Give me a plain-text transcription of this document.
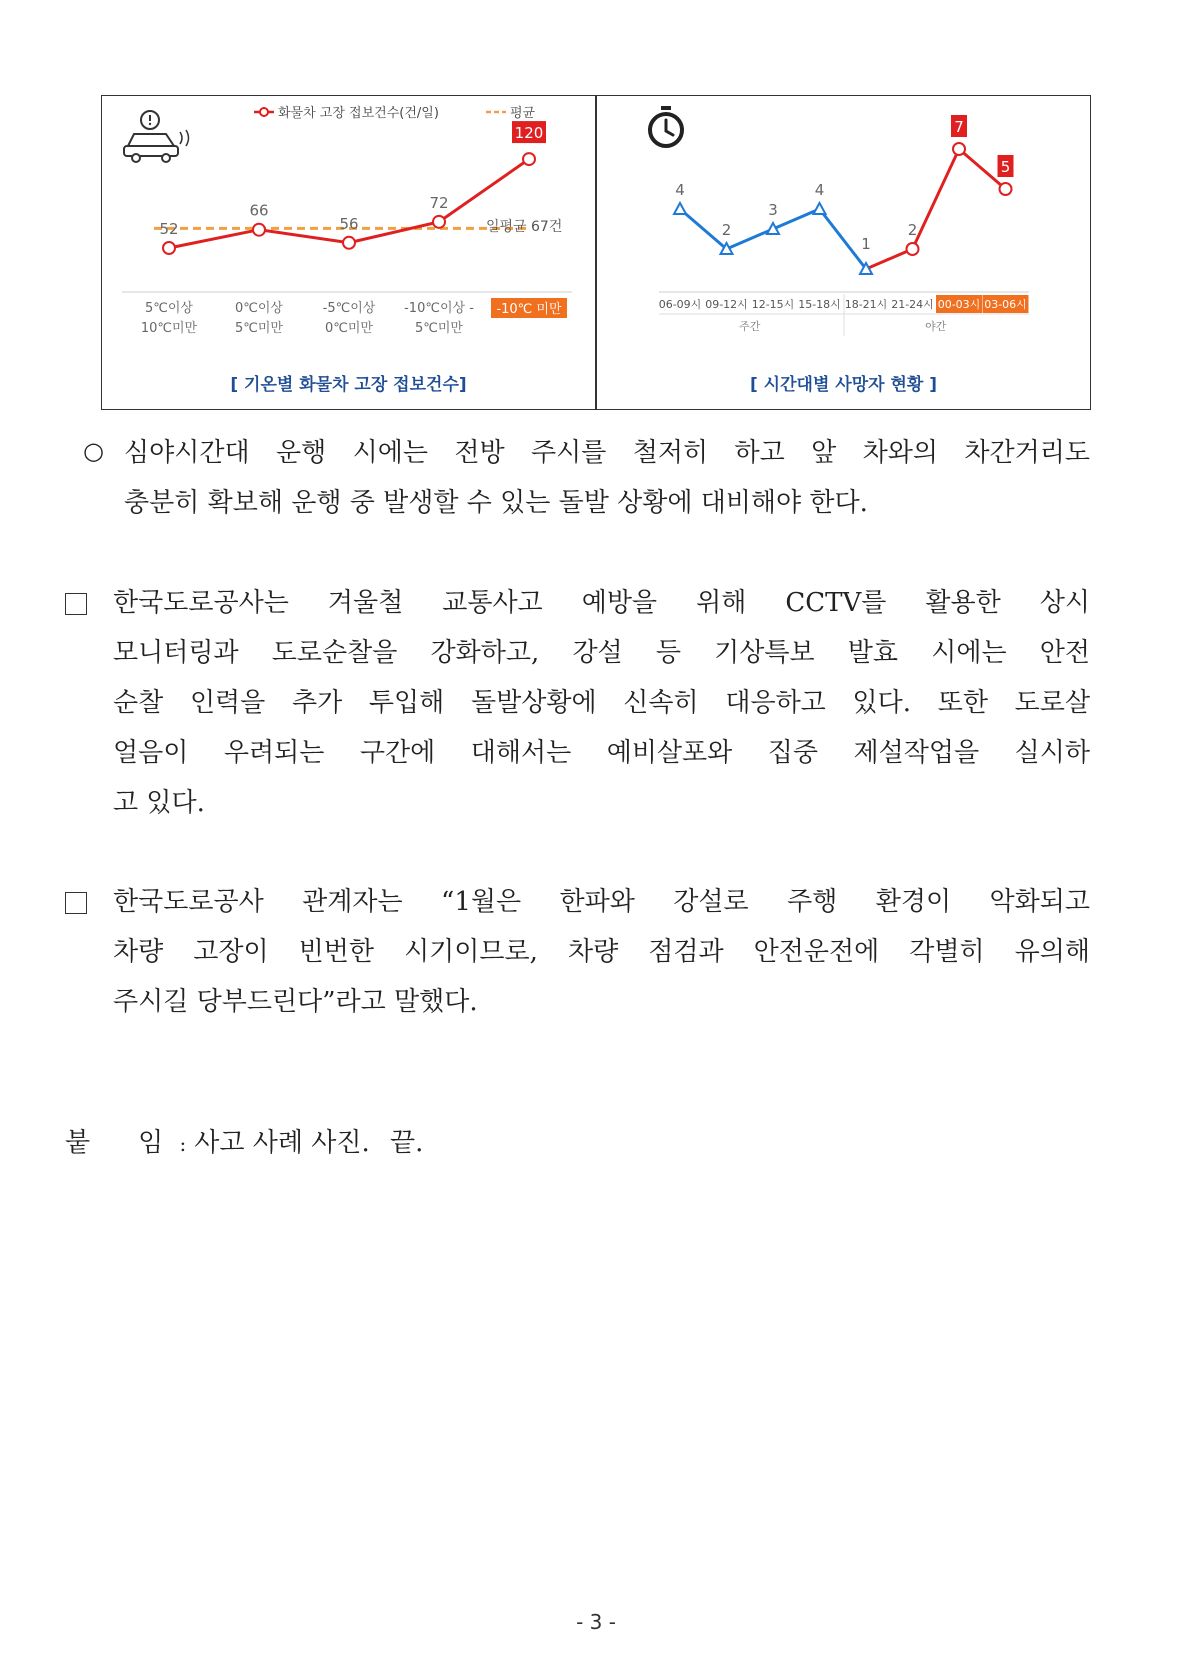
화물차 고장 접보건수(건/일)	평균
일평균 67건
52
66
56
72
120
5℃이상
10℃미만
0℃이상
5℃미만
-5℃이상
0℃미만
-10℃이상 -
5℃미만
-10℃ 미만
[ 기온별 화물차 고장 접보건수]
4
2
3
4
1
2
7
5
06-09시 09-12시 12-15시 15-18시 18-21시 21-24시 00-03시 03-06시
주간	야간
[ 시간대별 사망자 현황 ]
○ 심야시간대 운행 시에는 전방 주시를 철저히 하고 앞 차와의 차간거리도
충분히 확보해 운행 중 발생할 수 있는 돌발 상황에 대비해야 한다.
한국도로공사는 겨울철 교통사고 예방을 위해 CCTV를 활용한 상시
모니터링과 도로순찰을 강화하고, 강설 등 기상특보 발효 시에는 안전
순찰 인력을 추가 투입해 돌발상황에 신속히 대응하고 있다. 또한 도로살
얼음이 우려되는 구간에 대해서는 예비살포와 집중 제설작업을 실시하
고 있다.
한국도로공사 관계자는 “1월은 한파와 강설로 주행 환경이 악화되고
차량 고장이 빈번한 시기이므로, 차량 점검과 안전운전에 각별히 유의해
주시길 당부드린다”라고 말했다.
붙 임 : 사고 사례 사진. 끝.
- 3 -
